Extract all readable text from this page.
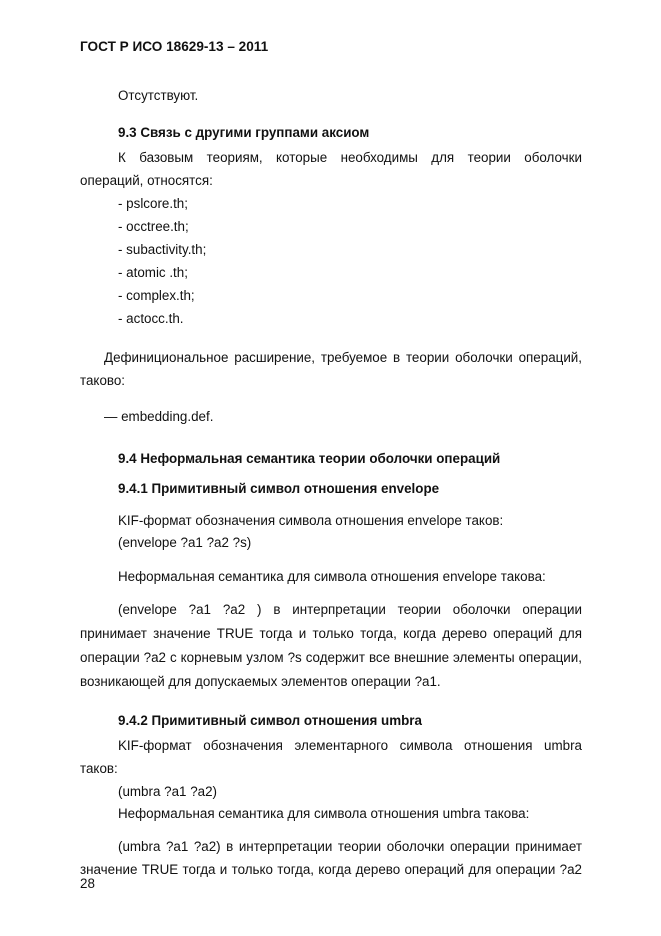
ГОСТ Р ИСО 18629-13 – 2011
Отсутствуют.
9.3 Связь с другими группами аксиом
К базовым теориям, которые необходимы для теории оболочки
операций, относятся:
- pslcore.th;
- occtree.th;
- subactivity.th;
- atomic .th;
- complex.th;
- actocc.th.
Дефинициональное расширение, требуемое в теории оболочки операций,
таково:
— embedding.def.
9.4 Неформальная семантика теории оболочки операций
9.4.1 Примитивный символ отношения envelope
KIF-формат обозначения символа отношения envelope таков:
(envelope ?a1 ?a2 ?s)
Неформальная семантика для символа отношения envelope такова:
(envelope ?a1 ?a2 ) в интерпретации теории оболочки операции
принимает значение TRUE тогда и только тогда, когда дерево операций для
операции ?a2 с корневым узлом ?s содержит все внешние элементы операции,
возникающей для допускаемых элементов операции ?a1.
9.4.2 Примитивный символ отношения umbra
KIF-формат обозначения элементарного символа отношения umbra
таков:
(umbra ?a1 ?a2)
Неформальная семантика для символа отношения umbra такова:
(umbra ?a1 ?a2) в интерпретации теории оболочки операции принимает
значение TRUE тогда и только тогда, когда дерево операций для операции ?a2
28
